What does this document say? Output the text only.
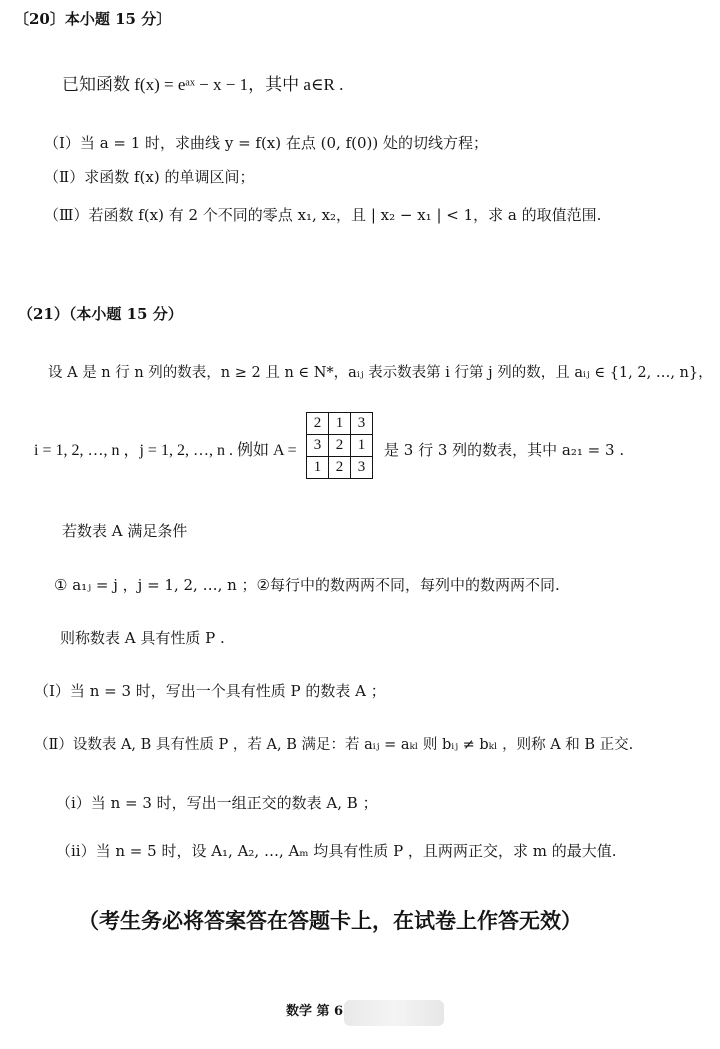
〔20〕本小题 15 分〕
已知函数 f(x) = eᵃˣ − x − 1，其中 a∈R .
（Ⅰ）当 a = 1 时，求曲线 y = f(x) 在点 (0, f(0)) 处的切线方程；
（Ⅱ）求函数 f(x) 的单调区间；
（Ⅲ）若函数 f(x) 有 2 个不同的零点 x₁, x₂，且 | x₂ − x₁ | < 1，求 a 的取值范围.
（21）（本小题 15 分）
设 A 是 n 行 n 列的数表，n ≥ 2 且 n ∈ N*，aᵢⱼ 表示数表第 i 行第 j 列的数，且 aᵢⱼ ∈ {1, 2, …, n}，
i = 1, 2, …, n ，j = 1, 2, …, n . 例如 A =
2	1	3
3	2	1
1	2	3
是 3 行 3 列的数表，其中 a₂₁ = 3 .
若数表 A 满足条件
① a₁ⱼ = j ，j = 1, 2, …, n ；②每行中的数两两不同，每列中的数两两不同.
则称数表 A 具有性质 P .
（Ⅰ）当 n = 3 时，写出一个具有性质 P 的数表 A ；
（Ⅱ）设数表 A, B 具有性质 P ，若 A, B 满足：若 aᵢⱼ = aₖₗ 则 bᵢⱼ ≠ bₖₗ ，则称 A 和 B 正交.
（i）当 n = 3 时，写出一组正交的数表 A, B ；
（ii）当 n = 5 时，设 A₁, A₂, …, Aₘ 均具有性质 P ，且两两正交，求 m 的最大值.
（考生务必将答案答在答题卡上，在试卷上作答无效）
数学 第 6
